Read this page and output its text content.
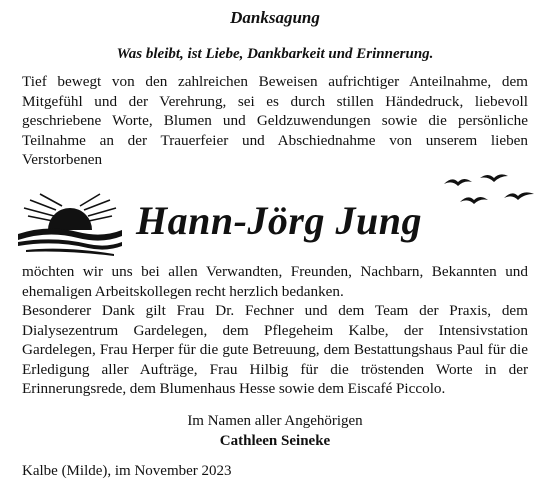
Danksagung
Was bleibt, ist Liebe, Dankbarkeit und Erinnerung.
Tief bewegt von den zahlreichen Beweisen aufrichtiger Anteilnahme, dem Mitgefühl und der Verehrung, sei es durch stillen Händedruck, liebevoll geschriebene Worte, Blumen und Geldzuwendungen sowie die persönliche Teilnahme an der Trauerfeier und Abschiednahme von unserem lieben Verstorbenen
Hann-Jörg Jung
möchten wir uns bei allen Verwandten, Freunden, Nachbarn, Bekannten und ehemaligen Arbeitskollegen recht herzlich bedanken.
Besonderer Dank gilt Frau Dr. Fechner und dem Team der Praxis, dem Dialysezentrum Gardelegen, dem Pflegeheim Kalbe, der Intensivstation Gardelegen, Frau Herper für die gute Betreuung, dem Bestattungshaus Paul für die Erledigung aller Aufträge, Frau Hilbig für die tröstenden Worte in der Erinnerungsrede, dem Blumenhaus Hesse sowie dem Eiscafé Piccolo.
Im Namen aller Angehörigen
Cathleen Seineke
Kalbe (Milde), im November 2023
